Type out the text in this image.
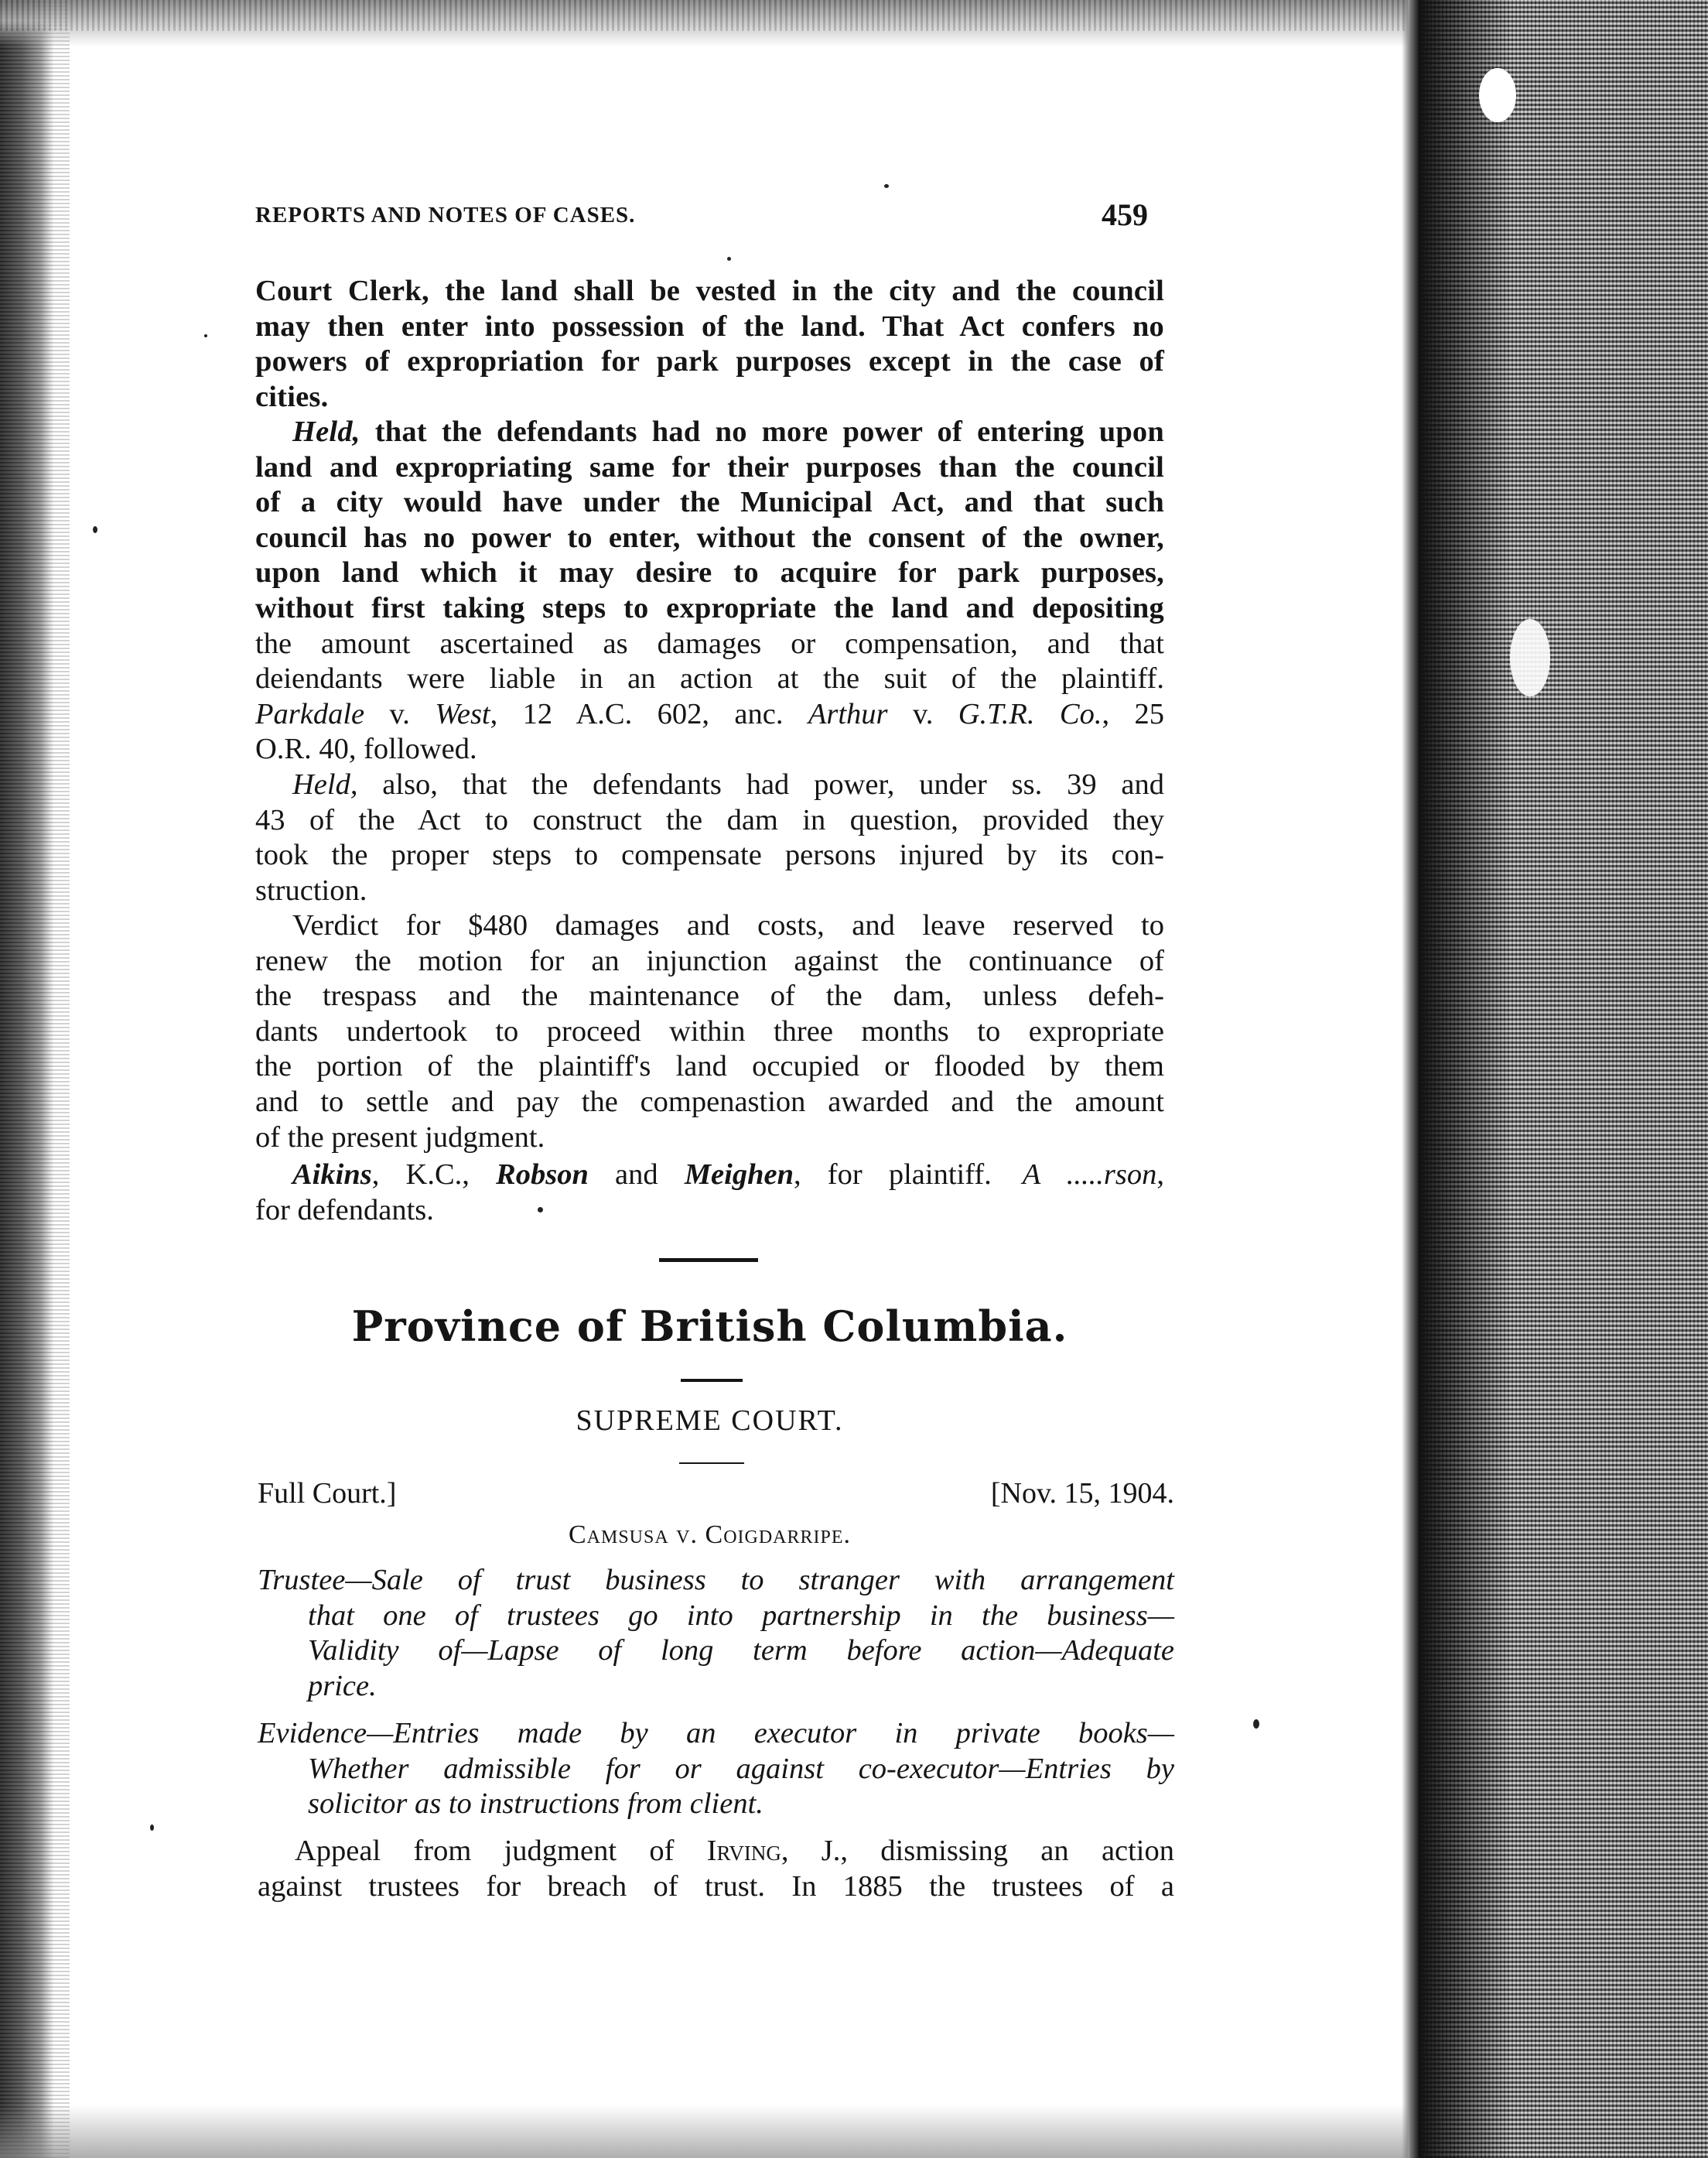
REPORTS AND NOTES OF CASES.	459
Court Clerk, the land shall be vested in the city and the council
may then enter into possession of the land. That Act confers no
powers of expropriation for park purposes except in the case of
cities.
Held, that the defendants had no more power of entering upon
land and expropriating same for their purposes than the council
of a city would have under the Municipal Act, and that such
council has no power to enter, without the consent of the owner,
upon land which it may desire to acquire for park purposes,
without first taking steps to expropriate the land and depositing
the amount ascertained as damages or compensation, and that
deiendants were liable in an action at the suit of the plaintiff.
Parkdale v. West, 12 A.C. 602, anc. Arthur v. G.T.R. Co., 25
O.R. 40, followed.
Held, also, that the defendants had power, under ss. 39 and
43 of the Act to construct the dam in question, provided they
took the proper steps to compensate persons injured by its con-
struction.
Verdict for $480 damages and costs, and leave reserved to
renew the motion for an injunction against the continuance of
the trespass and the maintenance of the dam, unless defeh-
dants undertook to proceed within three months to expropriate
the portion of the plaintiff's land occupied or flooded by them
and to settle and pay the compenastion awarded and the amount
of the present judgment.
Aikins, K.C., Robson and Meighen, for plaintiff. A .....rson,
for defendants.
Province of British Columbia.
SUPREME COURT.
Full Court.]	[Nov. 15, 1904.
Camsusa v. Coigdarripe.
Trustee—Sale of trust business to stranger with arrangement
that one of trustees go into partnership in the business—
Validity of—Lapse of long term before action—Adequate
price.
Evidence—Entries made by an executor in private books—
Whether admissible for or against co-executor—Entries by
solicitor as to instructions from client.
Appeal from judgment of Irving, J., dismissing an action
against trustees for breach of trust. In 1885 the trustees of a
